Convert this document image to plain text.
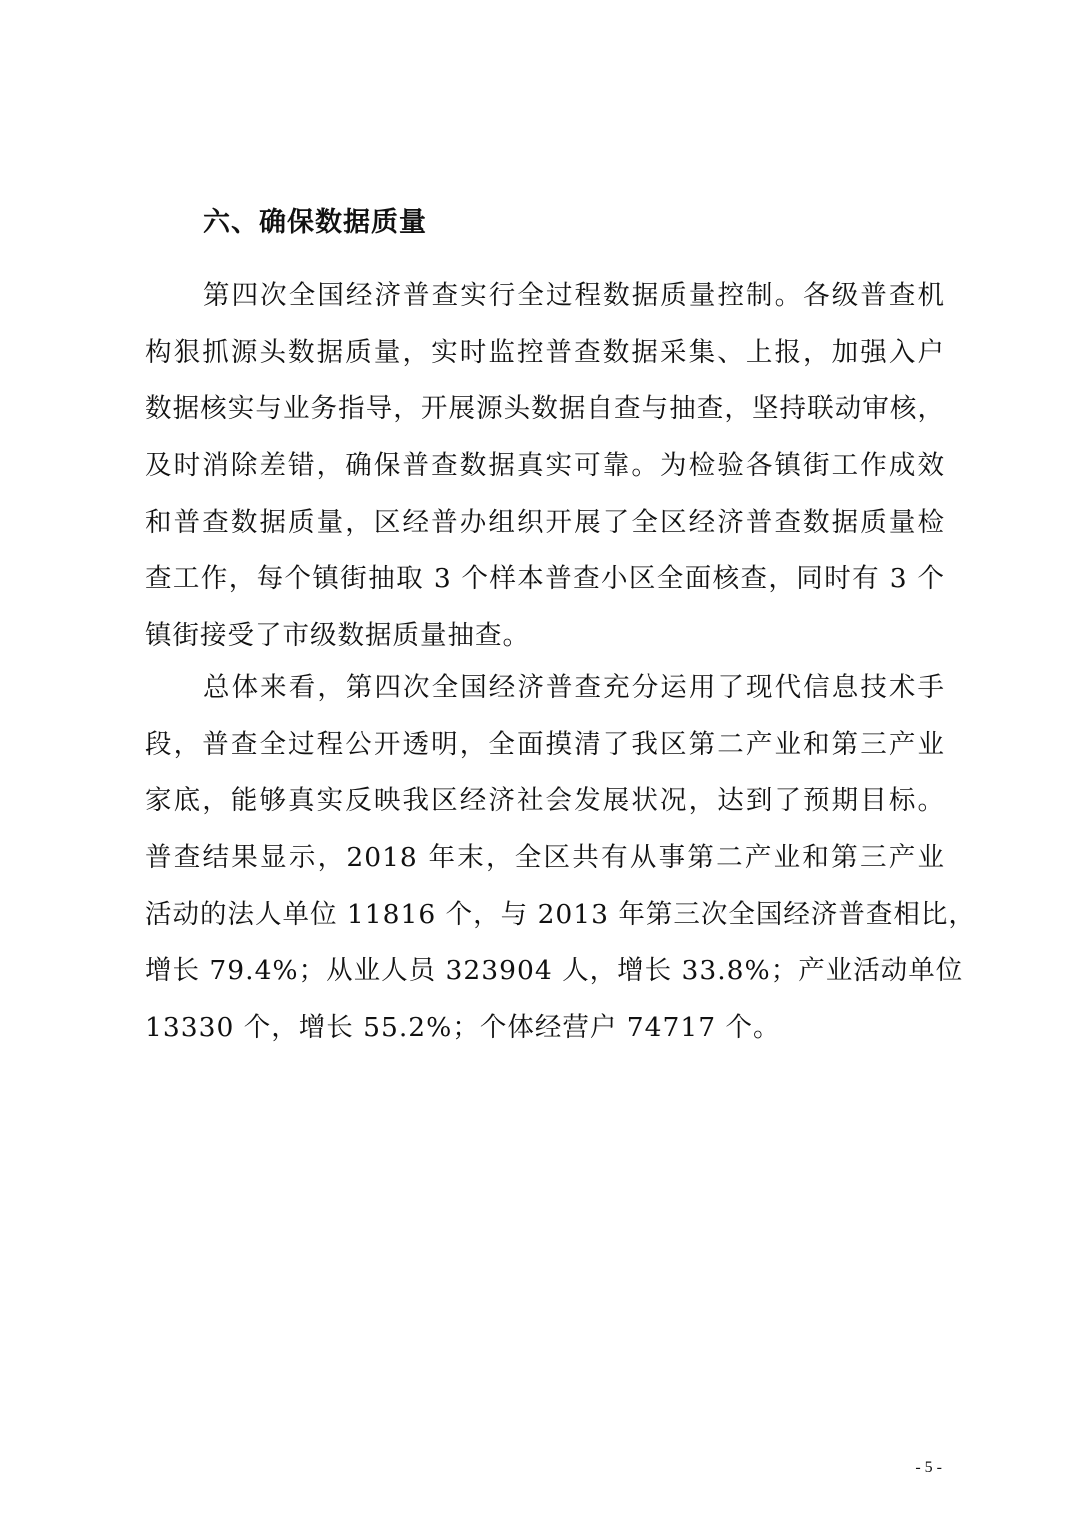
六、确保数据质量
第四次全国经济普查实行全过程数据质量控制。各级普查机
构狠抓源头数据质量，实时监控普查数据采集、上报，加强入户
数据核实与业务指导，开展源头数据自查与抽查，坚持联动审核，
及时消除差错，确保普查数据真实可靠。为检验各镇街工作成效
和普查数据质量，区经普办组织开展了全区经济普查数据质量检
查工作，每个镇街抽取 3 个样本普查小区全面核查，同时有 3 个
镇街接受了市级数据质量抽查。
总体来看，第四次全国经济普查充分运用了现代信息技术手
段，普查全过程公开透明，全面摸清了我区第二产业和第三产业
家底，能够真实反映我区经济社会发展状况，达到了预期目标。
普查结果显示，2018 年末，全区共有从事第二产业和第三产业
活动的法人单位 11816 个，与 2013 年第三次全国经济普查相比，
增长 79.4%；从业人员 323904 人，增长 33.8%；产业活动单位
13330 个，增长 55.2%；个体经营户 74717 个。
- 5 -
